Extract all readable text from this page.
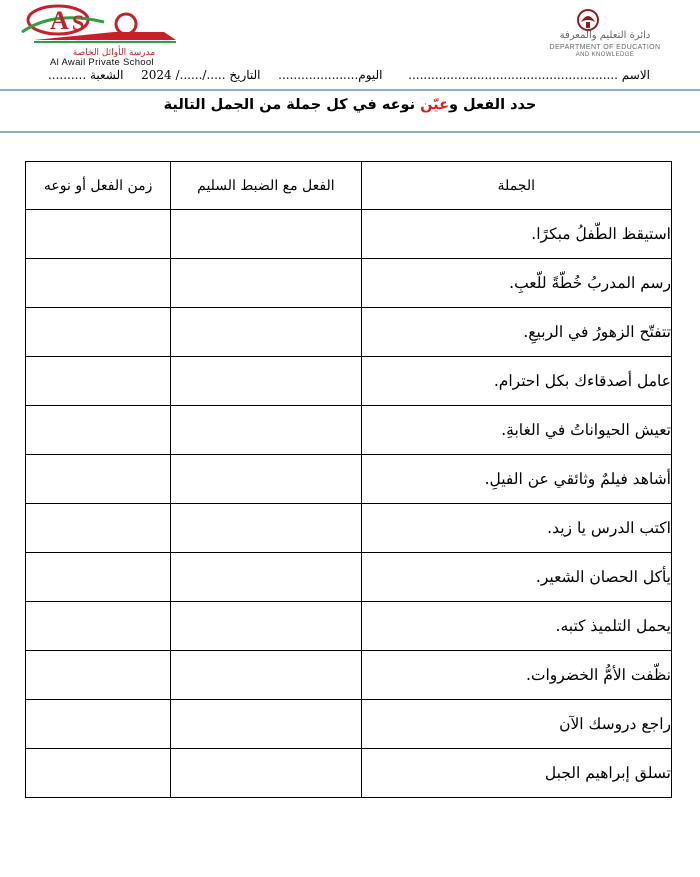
A S
مدرسة الأوائل الخاصة
Al Awail Private School
دائرة التعليم والمعرفة
DEPARTMENT OF EDUCATION
AND KNOWLEDGE
الاسم .......................................................  اليوم.....................  التاريخ ...../....../ 2024  الشعبة ..........
حدد الفعل وعيّن نوعه في كل جملة من الجمل التالية
الجملة	الفعل مع الضبط السليم	زمن الفعل أو نوعه
استيقظ الطّفلُ مبكرًا.		
رسم المدربُ خُطّةً للّعبِ.		
تتفتّح الزهورُ في الربيعِ.		
عامل أصدقاءك بكل احترام.		
تعيش الحيواناتُ في الغابةِ.		
أشاهد فيلمٌ وثائقي عن الفيلِ.		
اكتب الدرس يا زيد.		
يأكل الحصان الشعير.		
يحمل التلميذ كتبه.		
نظّفت الأمُّ الخضروات.		
راجع دروسك الآن		
تسلق إبراهيم الجبل		
